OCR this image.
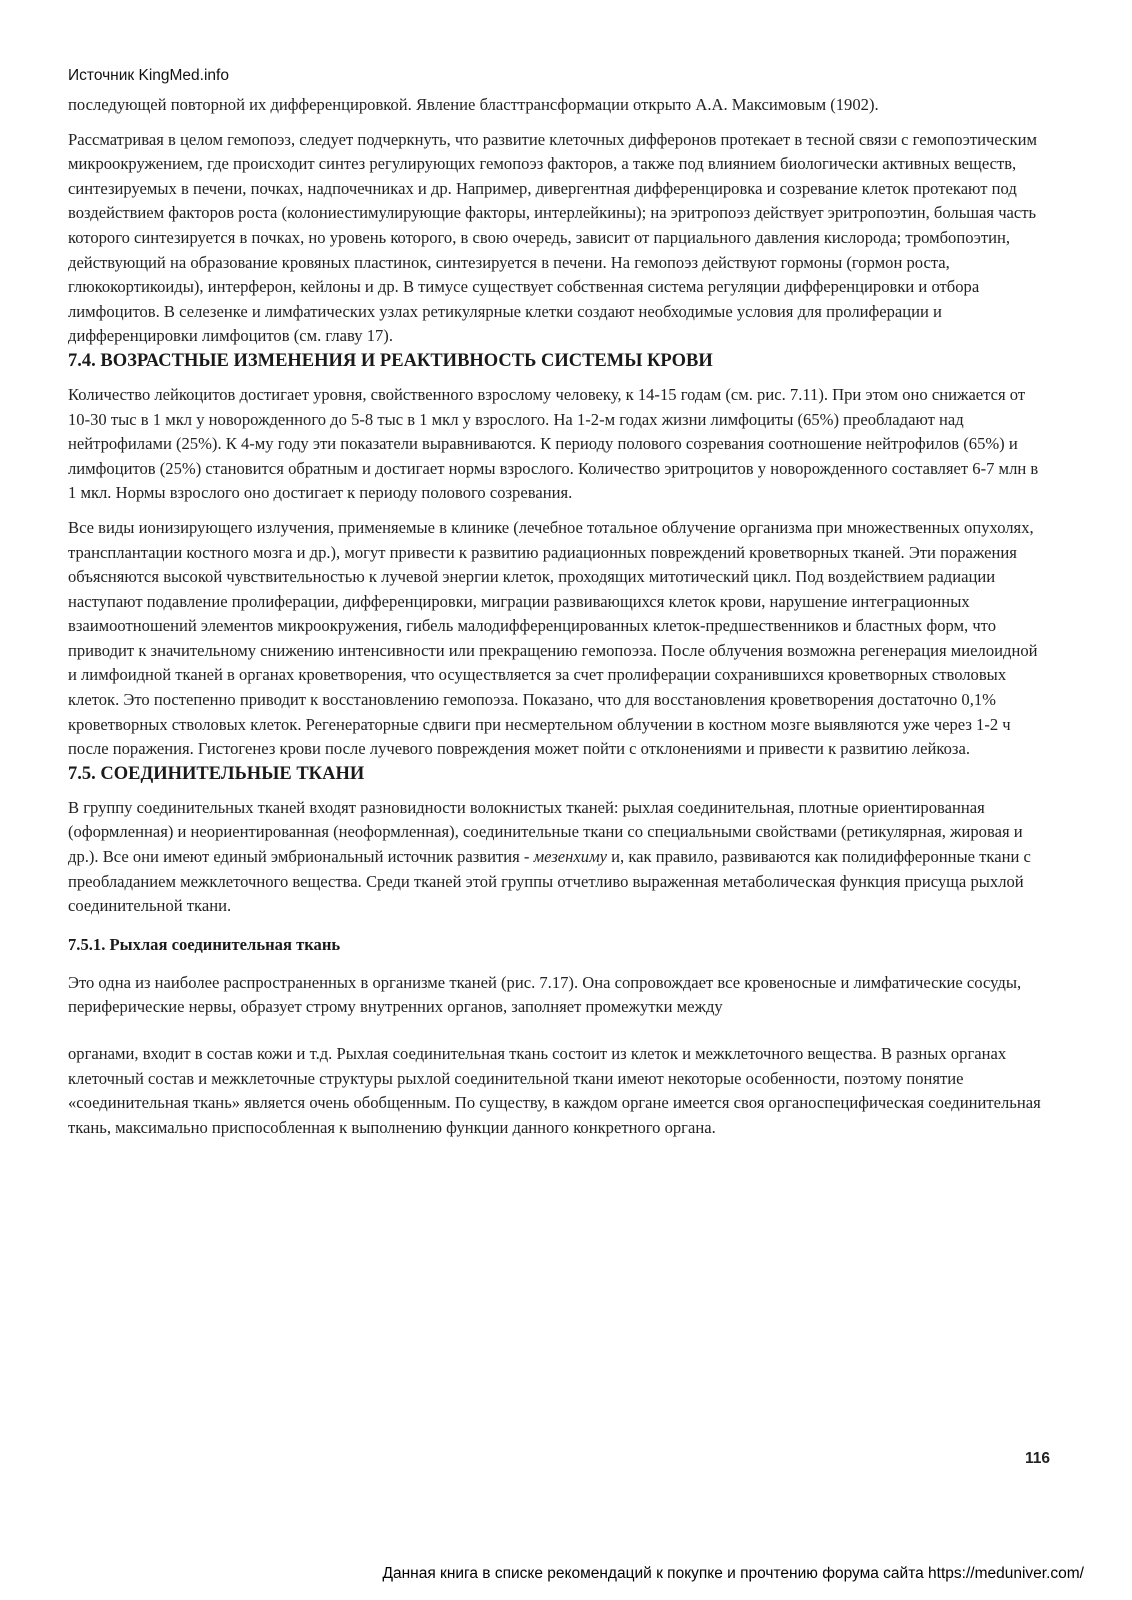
Источник KingMed.info

последующей повторной их дифференцировкой. Явление бласттрансформации открыто А.А. Максимовым (1902).

Рассматривая в целом гемопоэз, следует подчеркнуть, что развитие клеточных дифферонов протекает в тесной связи с гемопоэтическим микроокружением, где происходит синтез регулирующих гемопоэз факторов, а также под влиянием биологически активных веществ, синтезируемых в печени, почках, надпочечниках и др. Например, дивергентная дифференцировка и созревание клеток протекают под воздействием факторов роста (колониестимулирующие факторы, интерлейкины); на эритропоэз действует эритропоэтин, большая часть которого синтезируется в почках, но уровень которого, в свою очередь, зависит от парциального давления кислорода; тромбопоэтин, действующий на образование кровяных пластинок, синтезируется в печени. На гемопоэз действуют гормоны (гормон роста, глюкокортикоиды), интерферон, кейлоны и др. В тимусе существует собственная система регуляции дифференцировки и отбора лимфоцитов. В селезенке и лимфатических узлах ретикулярные клетки создают необходимые условия для пролиферации и дифференцировки лимфоцитов (см. главу 17).

7.4. ВОЗРАСТНЫЕ ИЗМЕНЕНИЯ И РЕАКТИВНОСТЬ СИСТЕМЫ КРОВИ

Количество лейкоцитов достигает уровня, свойственного взрослому человеку, к 14-15 годам (см. рис. 7.11). При этом оно снижается от 10-30 тыс в 1 мкл у новорожденного до 5-8 тыс в 1 мкл у взрослого. На 1-2-м годах жизни лимфоциты (65%) преобладают над нейтрофилами (25%). К 4-му году эти показатели выравниваются. К периоду полового созревания соотношение нейтрофилов (65%) и лимфоцитов (25%) становится обратным и достигает нормы взрослого. Количество эритроцитов у новорожденного составляет 6-7 млн в 1 мкл. Нормы взрослого оно достигает к периоду полового созревания.

Все виды ионизирующего излучения, применяемые в клинике (лечебное тотальное облучение организма при множественных опухолях, трансплантации костного мозга и др.), могут привести к развитию радиационных повреждений кроветворных тканей. Эти поражения объясняются высокой чувствительностью к лучевой энергии клеток, проходящих митотический цикл. Под воздействием радиации наступают подавление пролиферации, дифференцировки, миграции развивающихся клеток крови, нарушение интеграционных взаимоотношений элементов микроокружения, гибель малодифференцированных клеток-предшественников и бластных форм, что приводит к значительному снижению интенсивности или прекращению гемопоэза. После облучения возможна регенерация миелоидной и лимфоидной тканей в органах кроветворения, что осуществляется за счет пролиферации сохранившихся кроветворных стволовых клеток. Это постепенно приводит к восстановлению гемопоэза. Показано, что для восстановления кроветворения достаточно 0,1% кроветворных стволовых клеток. Регенераторные сдвиги при несмертельном облучении в костном мозге выявляются уже через 1-2 ч после поражения. Гистогенез крови после лучевого повреждения может пойти с отклонениями и привести к развитию лейкоза.

7.5. СОЕДИНИТЕЛЬНЫЕ ТКАНИ

В группу соединительных тканей входят разновидности волокнистых тканей: рыхлая соединительная, плотные ориентированная (оформленная) и неориентированная (неоформленная), соединительные ткани со специальными свойствами (ретикулярная, жировая и др.). Все они имеют единый эмбриональный источник развития - мезенхиму и, как правило, развиваются как полидифферонные ткани с преобладанием межклеточного вещества. Среди тканей этой группы отчетливо выраженная метаболическая функция присуща рыхлой соединительной ткани.

7.5.1. Рыхлая соединительная ткань

Это одна из наиболее распространенных в организме тканей (рис. 7.17). Она сопровождает все кровеносные и лимфатические сосуды, периферические нервы, образует строму внутренних органов, заполняет промежутки между

органами, входит в состав кожи и т.д. Рыхлая соединительная ткань состоит из клеток и межклеточного вещества. В разных органах клеточный состав и межклеточные структуры рыхлой соединительной ткани имеют некоторые особенности, поэтому понятие «соединительная ткань» является очень обобщенным. По существу, в каждом органе имеется своя органоспецифическая соединительная ткань, максимально приспособленная к выполнению функции данного конкретного органа.

116
Данная книга в списке рекомендаций к покупке и прочтению форума сайта https://meduniver.com/
